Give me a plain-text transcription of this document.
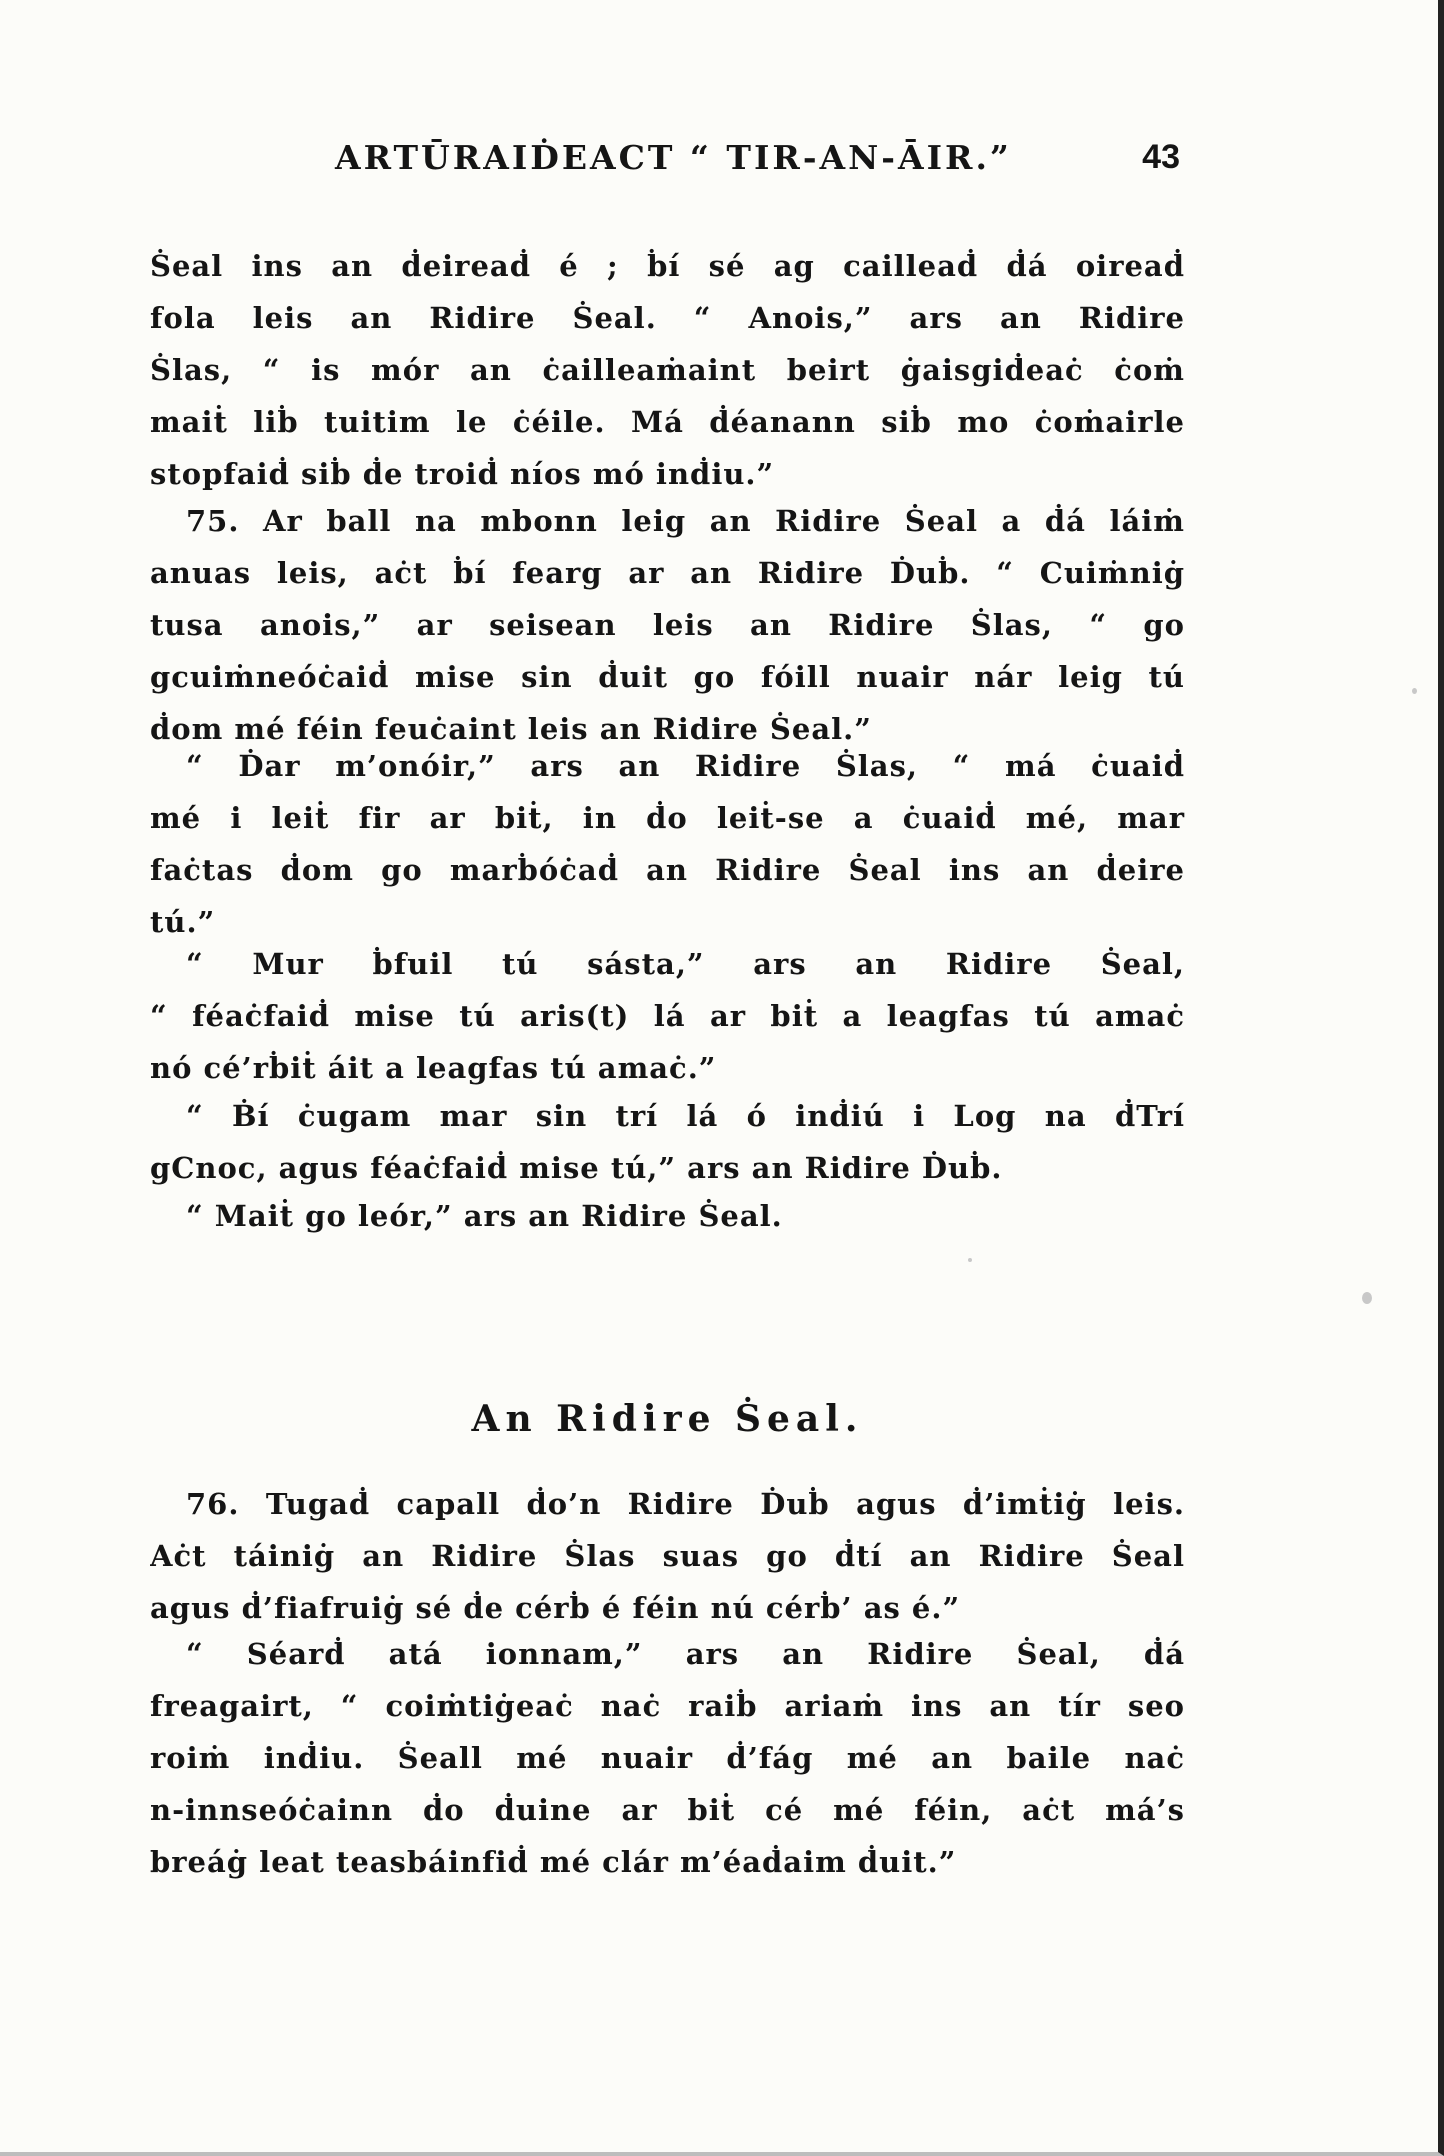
ARTŪRAIḊEACT “ TIR-AN-ĀIR.”	43
Ṡeal ins an ḋeireaḋ é ; ḃí sé ag cailleaḋ ḋá oireaḋ
fola leis an Ridire Ṡeal. “ Anois,” ars an Ridire
Ṡlas, “ is mór an ċailleaṁaint beirt ġaisgiḋeaċ ċoṁ
maiṫ liḃ tuitim le ċéile. Má ḋéanann siḃ mo ċoṁairle
stopfaiḋ siḃ ḋe troiḋ níos mó inḋiu.”
75. Ar ball na mbonn leig an Ridire Ṡeal a ḋá láiṁ
anuas leis, aċt ḃí fearg ar an Ridire Ḋuḃ. “ Cuiṁniġ
tusa anois,” ar seisean leis an Ridire Ṡlas, “ go
gcuiṁneóċaiḋ mise sin ḋuit go fóill nuair nár leig tú
ḋom mé féin feuċaint leis an Ridire Ṡeal.”
“ Ḋar m’onóir,” ars an Ridire Ṡlas, “ má ċuaiḋ
mé i leiṫ fir ar biṫ, in ḋo leiṫ-se a ċuaiḋ mé, mar
faċtas ḋom go marḃóċaḋ an Ridire Ṡeal ins an ḋeire
tú.”
“ Mur ḃfuil tú sásta,” ars an Ridire Ṡeal,
“ féaċfaiḋ mise tú aris(t) lá ar biṫ a leagfas tú amaċ
nó cé’rḃiṫ áit a leagfas tú amaċ.”
“ Ḃí ċugam mar sin trí lá ó inḋiú i Log na ḋTrí
gCnoc, agus féaċfaiḋ mise tú,” ars an Ridire Ḋuḃ.
“ Maiṫ go leór,” ars an Ridire Ṡeal.
An Ridire Ṡeal.
76. Tugaḋ capall ḋo’n Ridire Ḋuḃ agus ḋ’imṫiġ leis.
Aċt táiniġ an Ridire Ṡlas suas go ḋtí an Ridire Ṡeal
agus ḋ’fiafruiġ sé ḋe cérḃ é féin nú cérḃ’ as é.”
“ Séarḋ atá ionnam,” ars an Ridire Ṡeal, ḋá
freagairt, “ coiṁtiġeaċ naċ raiḃ ariaṁ ins an tír seo
roiṁ inḋiu. Ṡeall mé nuair ḋ’fág mé an baile naċ
n-innseóċainn ḋo ḋuine ar biṫ cé mé féin, aċt má’s
breáġ leat teasbáinfiḋ mé clár m’éaḋaim ḋuit.”
